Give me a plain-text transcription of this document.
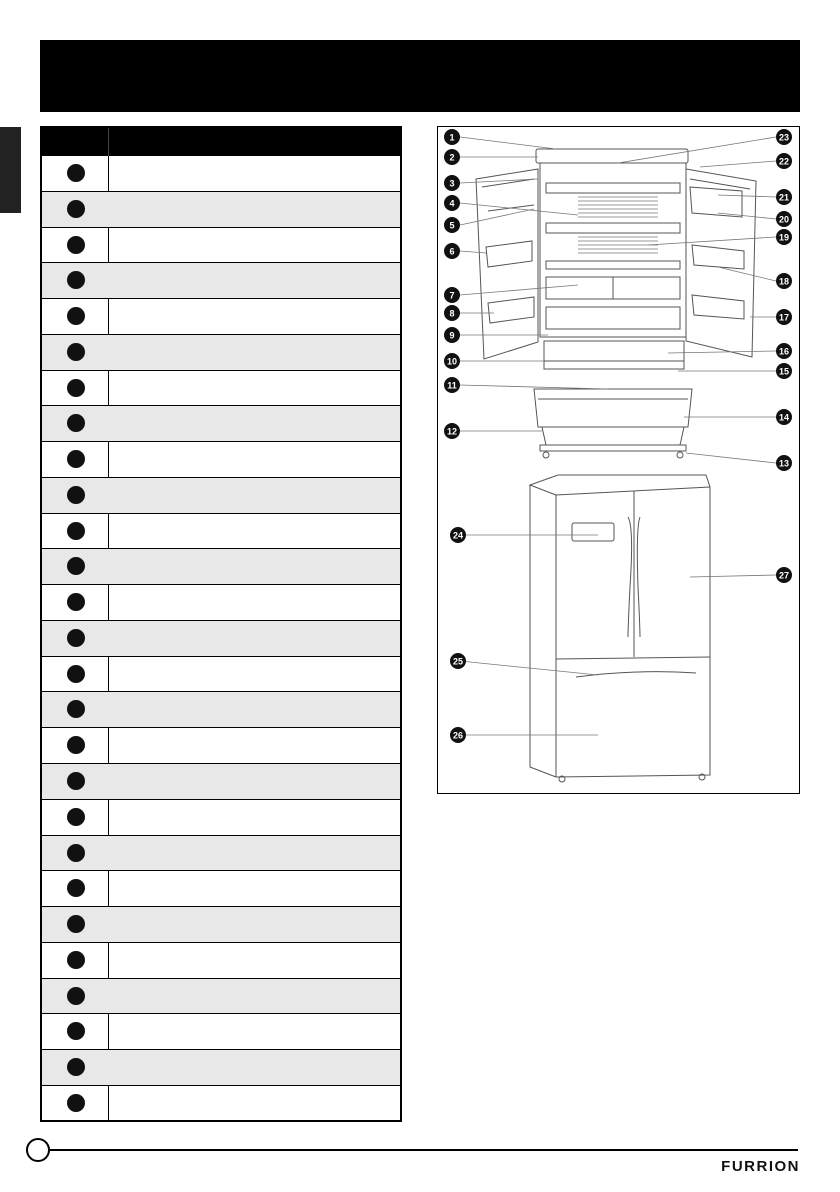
1
2
3
4
5
6
7
8
9
10
11
12
13
14
15
16
17
18
19
20
21
22
23
24
25
26
27
FURRION
